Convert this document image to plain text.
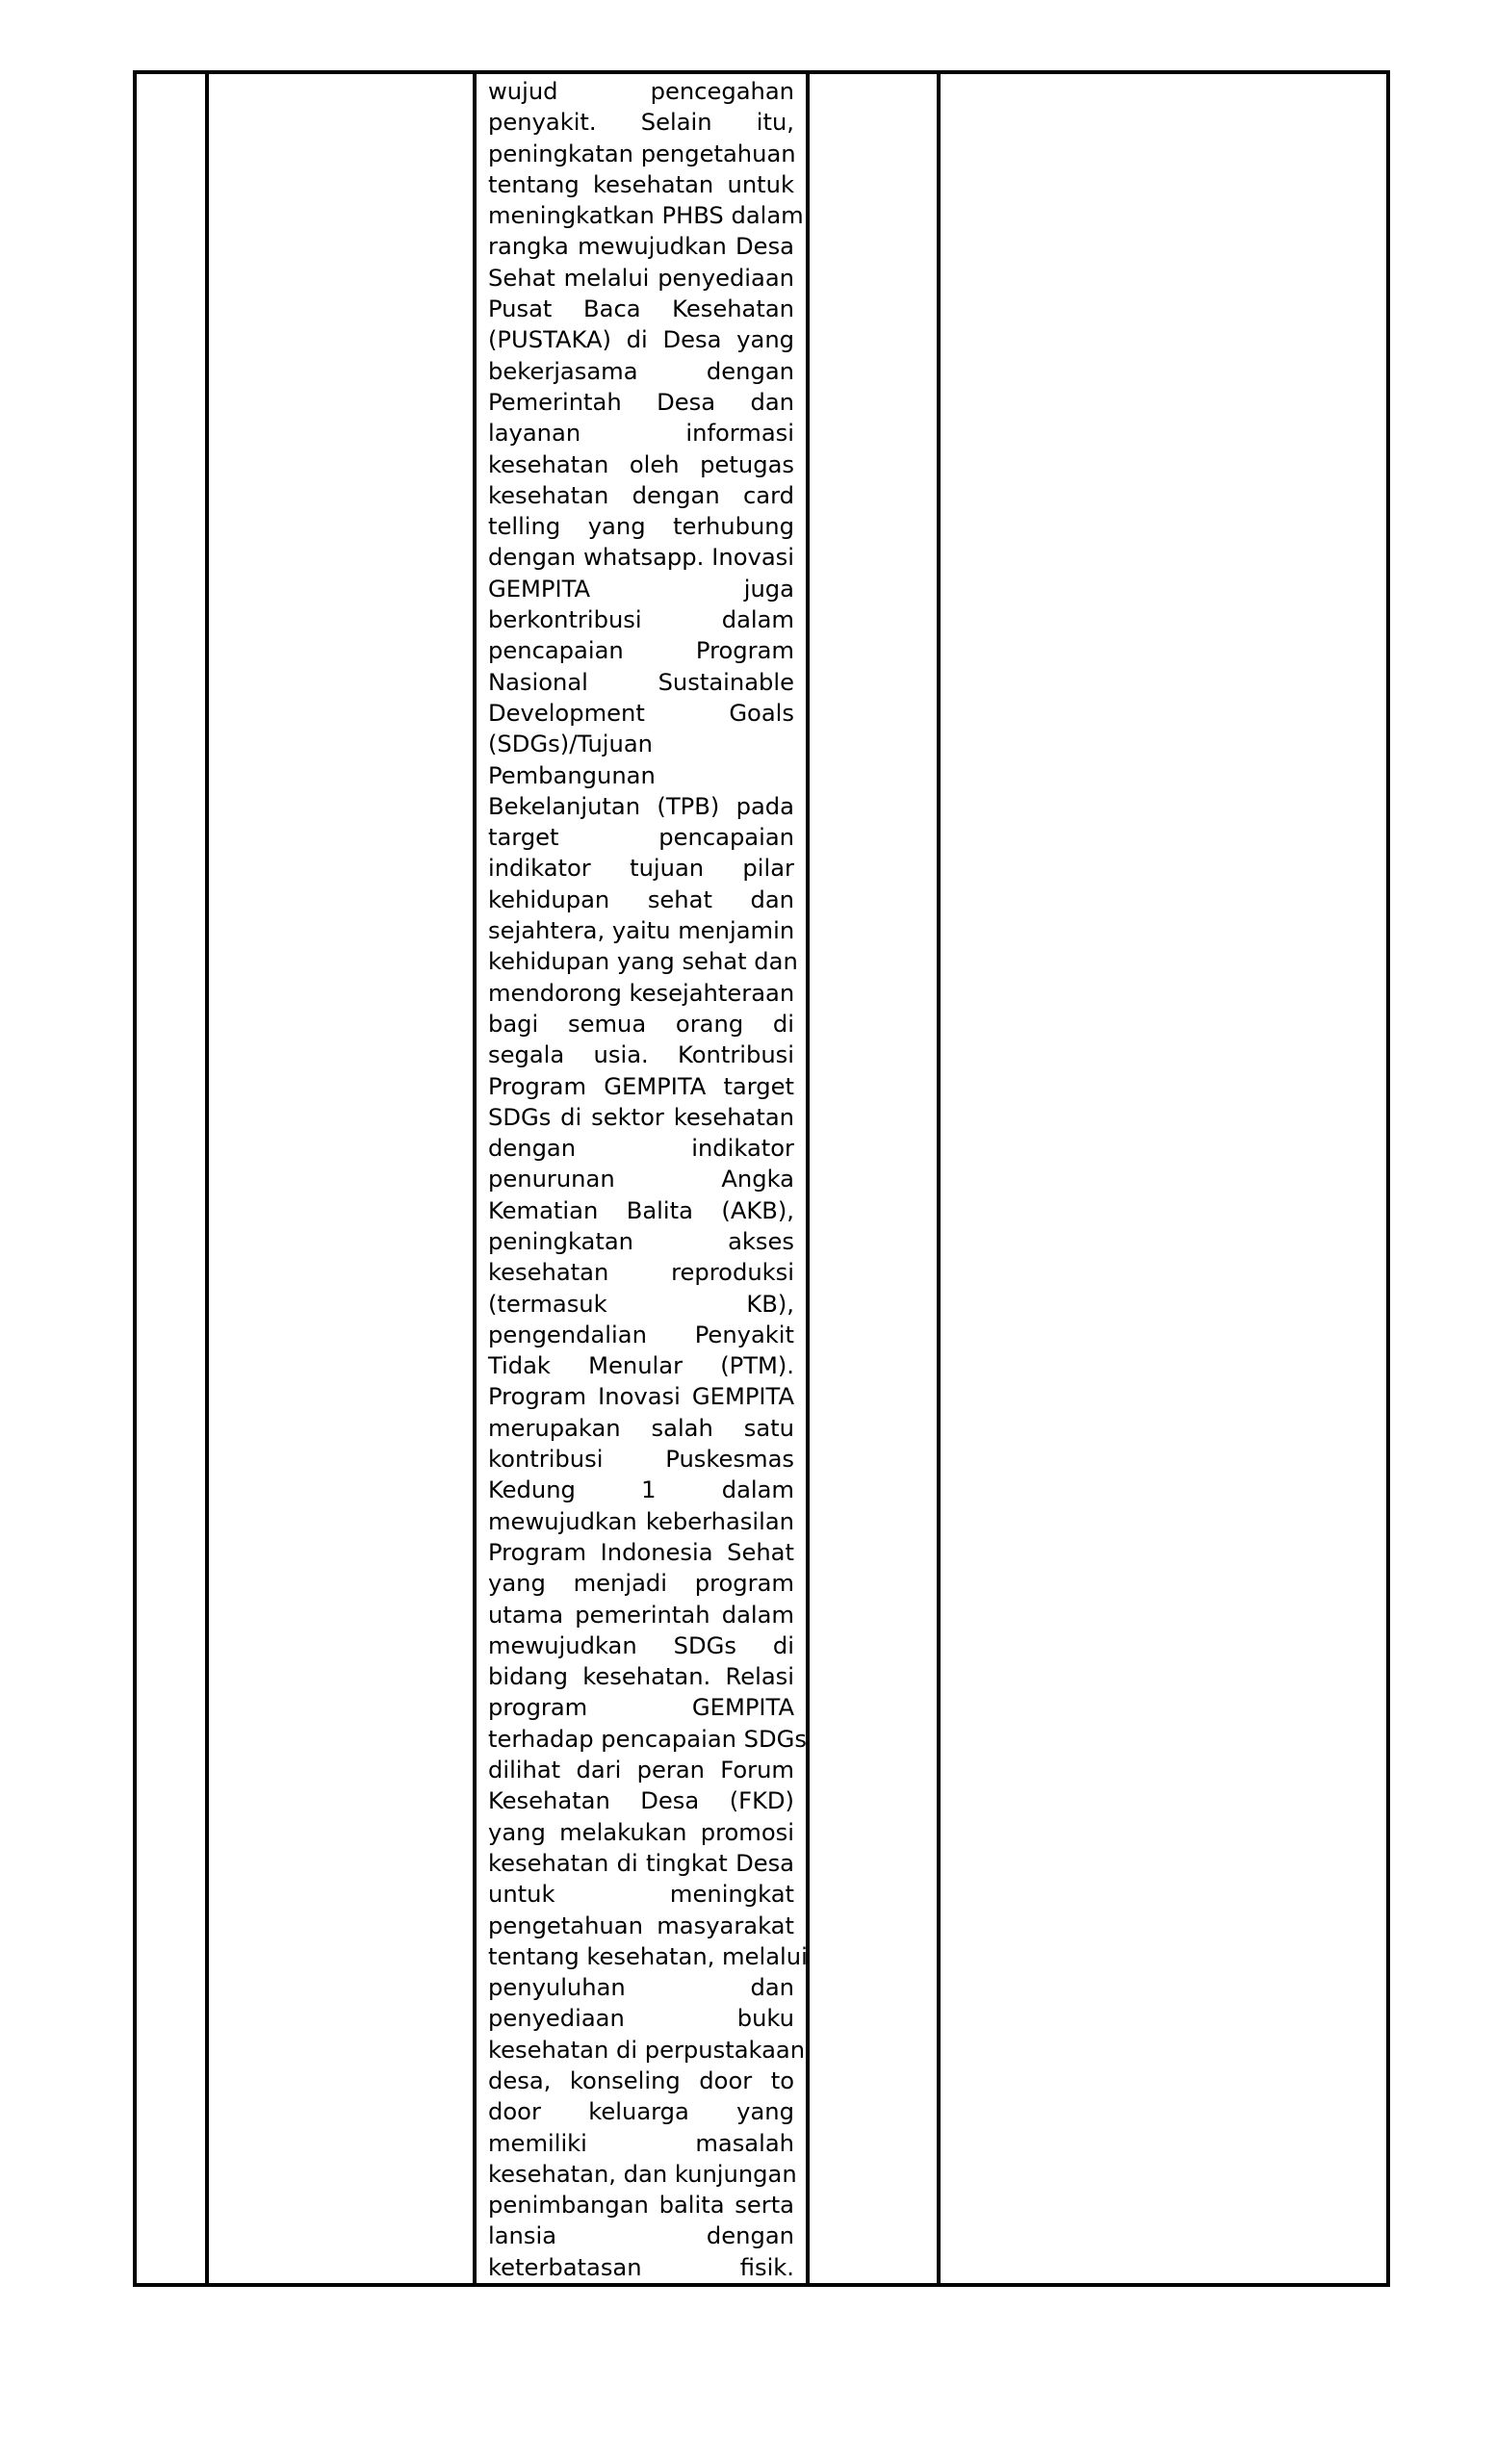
wujud pencegahan
penyakit. Selain itu,
peningkatan pengetahuan
tentang kesehatan untuk
meningkatkan PHBS dalam
rangka mewujudkan Desa
Sehat melalui penyediaan
Pusat Baca Kesehatan
(PUSTAKA) di Desa yang
bekerjasama dengan
Pemerintah Desa dan
layanan informasi
kesehatan oleh petugas
kesehatan dengan card
telling yang terhubung
dengan whatsapp. Inovasi
GEMPITA juga
berkontribusi dalam
pencapaian Program
Nasional Sustainable
Development Goals
(SDGs)/Tujuan
Pembangunan
Bekelanjutan (TPB) pada
target pencapaian
indikator tujuan pilar
kehidupan sehat dan
sejahtera, yaitu menjamin
kehidupan yang sehat dan
mendorong kesejahteraan
bagi semua orang di
segala usia. Kontribusi
Program GEMPITA target
SDGs di sektor kesehatan
dengan indikator
penurunan Angka
Kematian Balita (AKB),
peningkatan akses
kesehatan reproduksi
(termasuk KB),
pengendalian Penyakit
Tidak Menular (PTM).
Program Inovasi GEMPITA
merupakan salah satu
kontribusi Puskesmas
Kedung 1 dalam
mewujudkan keberhasilan
Program Indonesia Sehat
yang menjadi program
utama pemerintah dalam
mewujudkan SDGs di
bidang kesehatan. Relasi
program GEMPITA
terhadap pencapaian SDGs
dilihat dari peran Forum
Kesehatan Desa (FKD)
yang melakukan promosi
kesehatan di tingkat Desa
untuk meningkat
pengetahuan masyarakat
tentang kesehatan, melalui
penyuluhan dan
penyediaan buku
kesehatan di perpustakaan
desa, konseling door to
door keluarga yang
memiliki masalah
kesehatan, dan kunjungan
penimbangan balita serta
lansia dengan
keterbatasan fisik.
